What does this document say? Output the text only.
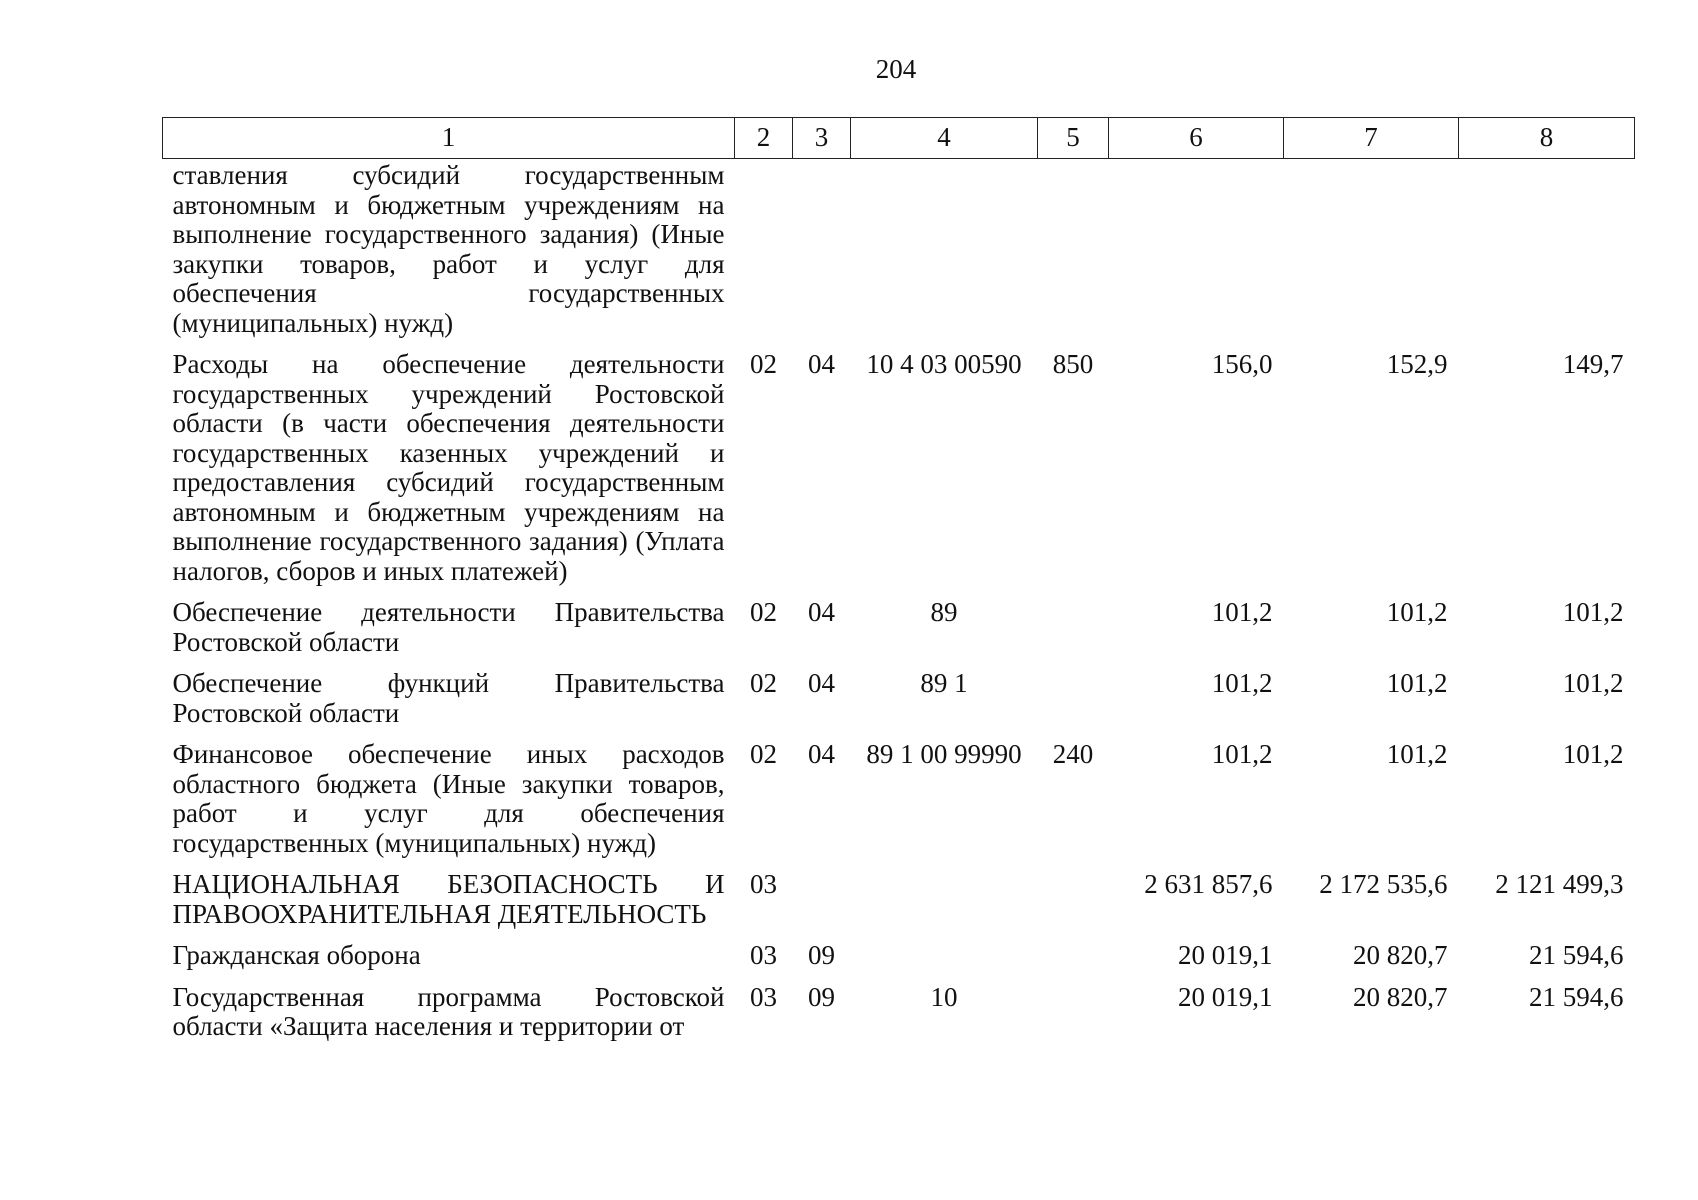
204
1	2	3	4	5	6	7	8
ставления субсидий государственным автономным и бюджетным учреждениям на выполнение государственного задания) (Иные закупки товаров, работ и услуг для обеспечения государственных (муниципальных) нужд)							
Расходы на обеспечение деятельности государственных учреждений Ростовской области (в части обеспечения деятельности государственных казенных учреждений и предоставления субсидий государственным автономным и бюджетным учреждениям на выполнение государственного задания) (Уплата налогов, сборов и иных платежей)	02	04	10 4 03 00590	850	156,0	152,9	149,7
Обеспечение деятельности Правительства Ростовской области	02	04	89		101,2	101,2	101,2
Обеспечение функций Правительства Ростовской области	02	04	89 1		101,2	101,2	101,2
Финансовое обеспечение иных расходов областного бюджета (Иные закупки товаров, работ и услуг для обеспечения государственных (муниципальных) нужд)	02	04	89 1 00 99990	240	101,2	101,2	101,2
НАЦИОНАЛЬНАЯ БЕЗОПАСНОСТЬ И ПРАВООХРАНИТЕЛЬНАЯ ДЕЯТЕЛЬНОСТЬ	03				2 631 857,6	2 172 535,6	2 121 499,3
Гражданская оборона	03	09			20 019,1	20 820,7	21 594,6
Государственная программа Ростовской области «Защита населения и территории от	03	09	10		20 019,1	20 820,7	21 594,6
